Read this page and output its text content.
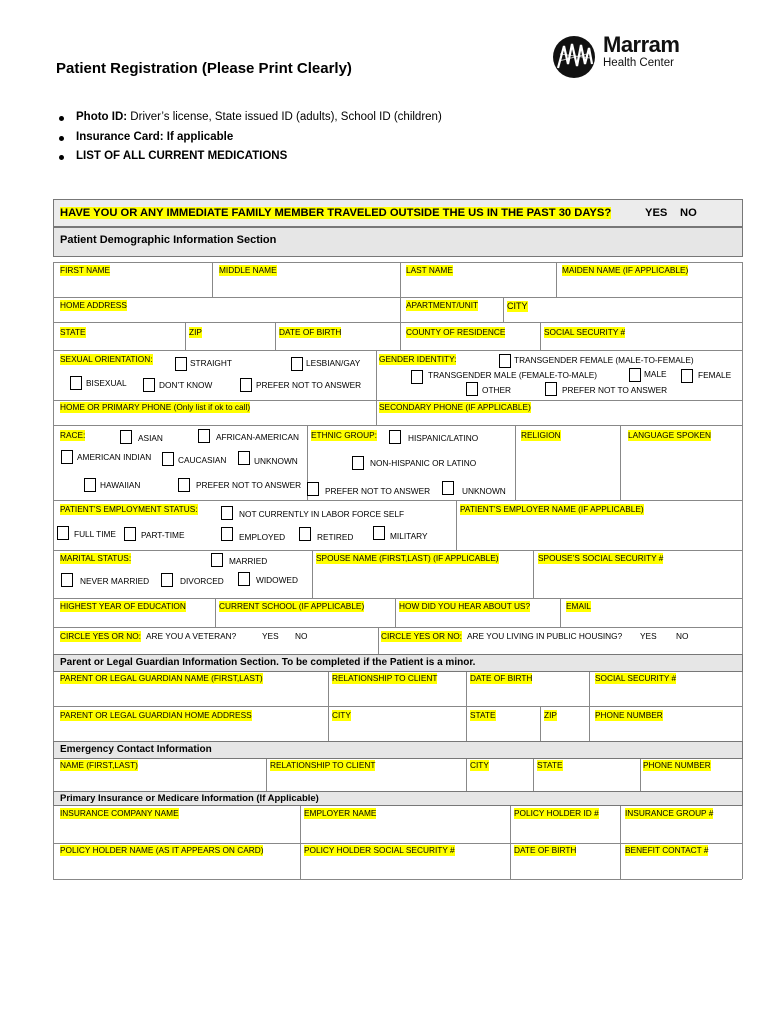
Patient Registration (Please Print Clearly)
Marram
Health Center
Photo ID: Driver’s license, State issued ID (adults), School ID (children)
Insurance Card: If applicable
LIST OF ALL CURRENT MEDICATIONS
HAVE YOU OR ANY IMMEDIATE FAMILY MEMBER TRAVELED OUTSIDE THE US IN THE PAST 30 DAYS?	YES NO
Patient Demographic Information Section
FIRST NAME	MIDDLE NAME	LAST NAME	MAIDEN NAME (IF APPLICABLE)
HOME ADDRESS	APARTMENT/UNIT	CITY
STATE	ZIP	DATE OF BIRTH	COUNTY OF RESIDENCE	SOCIAL SECURITY #
SEXUAL ORIENTATION:	STRAIGHT	LESBIAN/GAY
BISEXUAL	DON’T KNOW	PREFER NOT TO ANSWER
GENDER IDENTITY:	TRANSGENDER FEMALE (MALE-TO-FEMALE)
TRANSGENDER MALE (FEMALE-TO-MALE)	MALE	FEMALE
OTHER	PREFER NOT TO ANSWER
HOME OR PRIMARY PHONE (Only list if ok to call)	SECONDARY PHONE (IF APPLICABLE)
RACE:	ASIAN	AFRICAN-AMERICAN
AMERICAN INDIAN	CAUCASIAN	UNKNOWN
HAWAIIAN	PREFER NOT TO ANSWER
ETHNIC GROUP:	HISPANIC/LATINO
NON-HISPANIC OR LATINO
PREFER NOT TO ANSWER	UNKNOWN
RELIGION	LANGUAGE SPOKEN
PATIENT’S EMPLOYMENT STATUS:	NOT CURRENTLY IN LABOR FORCE SELF
FULL TIME	PART-TIME	EMPLOYED	RETIRED	MILITARY
PATIENT’S EMPLOYER NAME (IF APPLICABLE)
MARITAL STATUS:	MARRIED
NEVER MARRIED	DIVORCED	WIDOWED
SPOUSE NAME (FIRST,LAST) (IF APPLICABLE)	SPOUSE’S SOCIAL SECURITY #
HIGHEST YEAR OF EDUCATION	CURRENT SCHOOL (IF APPLICABLE)	HOW DID YOU HEAR ABOUT US?	EMAIL
CIRCLE YES OR NO: ARE YOU A VETERAN?	YES NO	CIRCLE YES OR NO: ARE YOU LIVING IN PUBLIC HOUSING? YES NO
Parent or Legal Guardian Information Section. To be completed if the Patient is a minor.
PARENT OR LEGAL GUARDIAN NAME (FIRST,LAST)	RELATIONSHIP TO CLIENT	DATE OF BIRTH	SOCIAL SECURITY #
PARENT OR LEGAL GUARDIAN HOME ADDRESS	CITY	STATE	ZIP	PHONE NUMBER
Emergency Contact Information
NAME (FIRST,LAST)	RELATIONSHIP TO CLIENT	CITY	STATE	PHONE NUMBER
Primary Insurance or Medicare Information (If Applicable)
INSURANCE COMPANY NAME	EMPLOYER NAME	POLICY HOLDER ID #	INSURANCE GROUP #
POLICY HOLDER NAME (AS IT APPEARS ON CARD)	POLICY HOLDER SOCIAL SECURITY #	DATE OF BIRTH	BENEFIT CONTACT #
